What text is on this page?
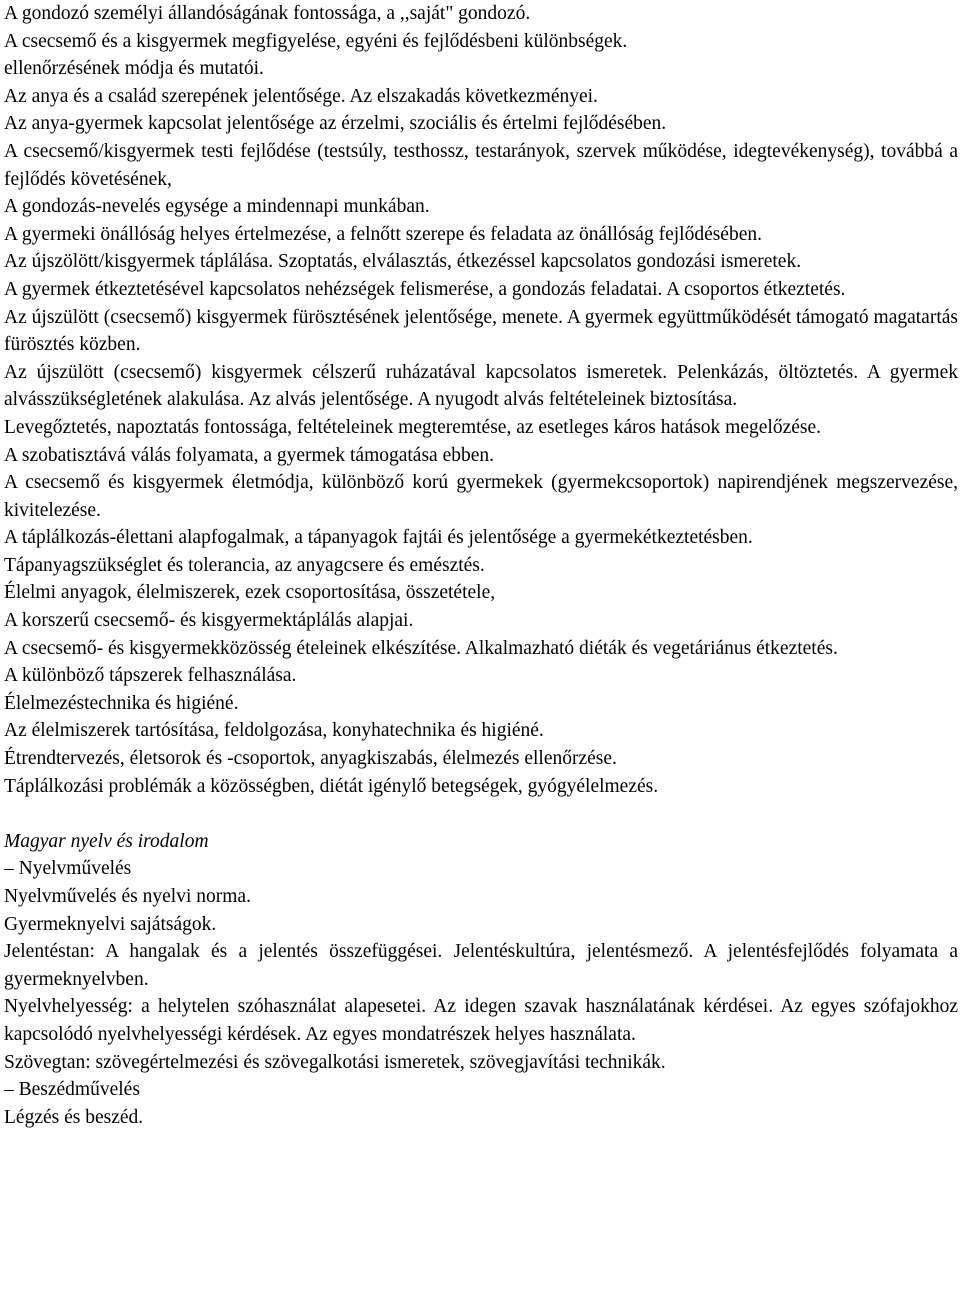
A gondozó személyi állandóságának fontossága, a ,,saját" gondozó.

A csecsemő és a kisgyermek megfigyelése, egyéni és fejlődésbeni különbségek.

ellenőrzésének módja és mutatói.

Az anya és a család szerepének jelentősége. Az elszakadás következményei.

Az anya-gyermek kapcsolat jelentősége az érzelmi, szociális és értelmi fejlődésében.

A csecsemő/kisgyermek testi fejlődése (testsúly, testhossz, testarányok, szervek működése, idegtevékenység), továbbá a fejlődés követésének,

A gondozás-nevelés egysége a mindennapi munkában.

A gyermeki önállóság helyes értelmezése, a felnőtt szerepe és feladata az önállóság fejlődésében.

Az újszölött/kisgyermek táplálása. Szoptatás, elválasztás, étkezéssel kapcsolatos gondozási ismeretek.

A gyermek étkeztetésével kapcsolatos nehézségek felismerése, a gondozás feladatai. A csoportos étkeztetés.

Az újszülött (csecsemő) kisgyermek fürösztésének jelentősége, menete. A gyermek együttműködését támogató magatartás fürösztés közben.

Az újszülött (csecsemő) kisgyermek célszerű ruházatával kapcsolatos ismeretek. Pelenkázás, öltöztetés. A gyermek alvásszükségletének alakulása. Az alvás jelentősége. A nyugodt alvás feltételeinek biztosítása.

Levegőztetés, napoztatás fontossága, feltételeinek megteremtése, az esetleges káros hatások megelőzése.

A szobatisztává válás folyamata, a gyermek támogatása ebben.

A csecsemő és kisgyermek életmódja, különböző korú gyermekek (gyermekcsoportok) napirendjének megszervezése, kivitelezése.

A táplálkozás-élettani alapfogalmak, a tápanyagok fajtái és jelentősége a gyermekétkeztetésben.

Tápanyagszükséglet és tolerancia, az anyagcsere és emésztés.

Élelmi anyagok, élelmiszerek, ezek csoportosítása, összetétele,

A korszerű csecsemő- és kisgyermektáplálás alapjai.

A csecsemő- és kisgyermekközösség ételeinek elkészítése. Alkalmazható diéták és vegetáriánus étkeztetés.

A különböző tápszerek felhasználása.

Élelmezéstechnika és higiéné.

Az élelmiszerek tartósítása, feldolgozása, konyhatechnika és higiéné.

Étrendtervezés, életsorok és -csoportok, anyagkiszabás, élelmezés ellenőrzése.

Táplálkozási problémák a közösségben, diétát igénylő betegségek, gyógyélelmezés.

Magyar nyelv és irodalom

– Nyelvművelés

Nyelvművelés és nyelvi norma.

Gyermeknyelvi sajátságok.

Jelentéstan: A hangalak és a jelentés összefüggései. Jelentéskultúra, jelentésmező. A jelentésfejlődés folyamata a gyermeknyelvben.

Nyelvhelyesség: a helytelen szóhasználat alapesetei. Az idegen szavak használatának kérdései. Az egyes szófajokhoz kapcsolódó nyelvhelyességi kérdések. Az egyes mondatrészek helyes használata.

Szövegtan: szövegértelmezési és szövegalkotási ismeretek, szövegjavítási technikák.

– Beszédművelés

Légzés és beszéd.
